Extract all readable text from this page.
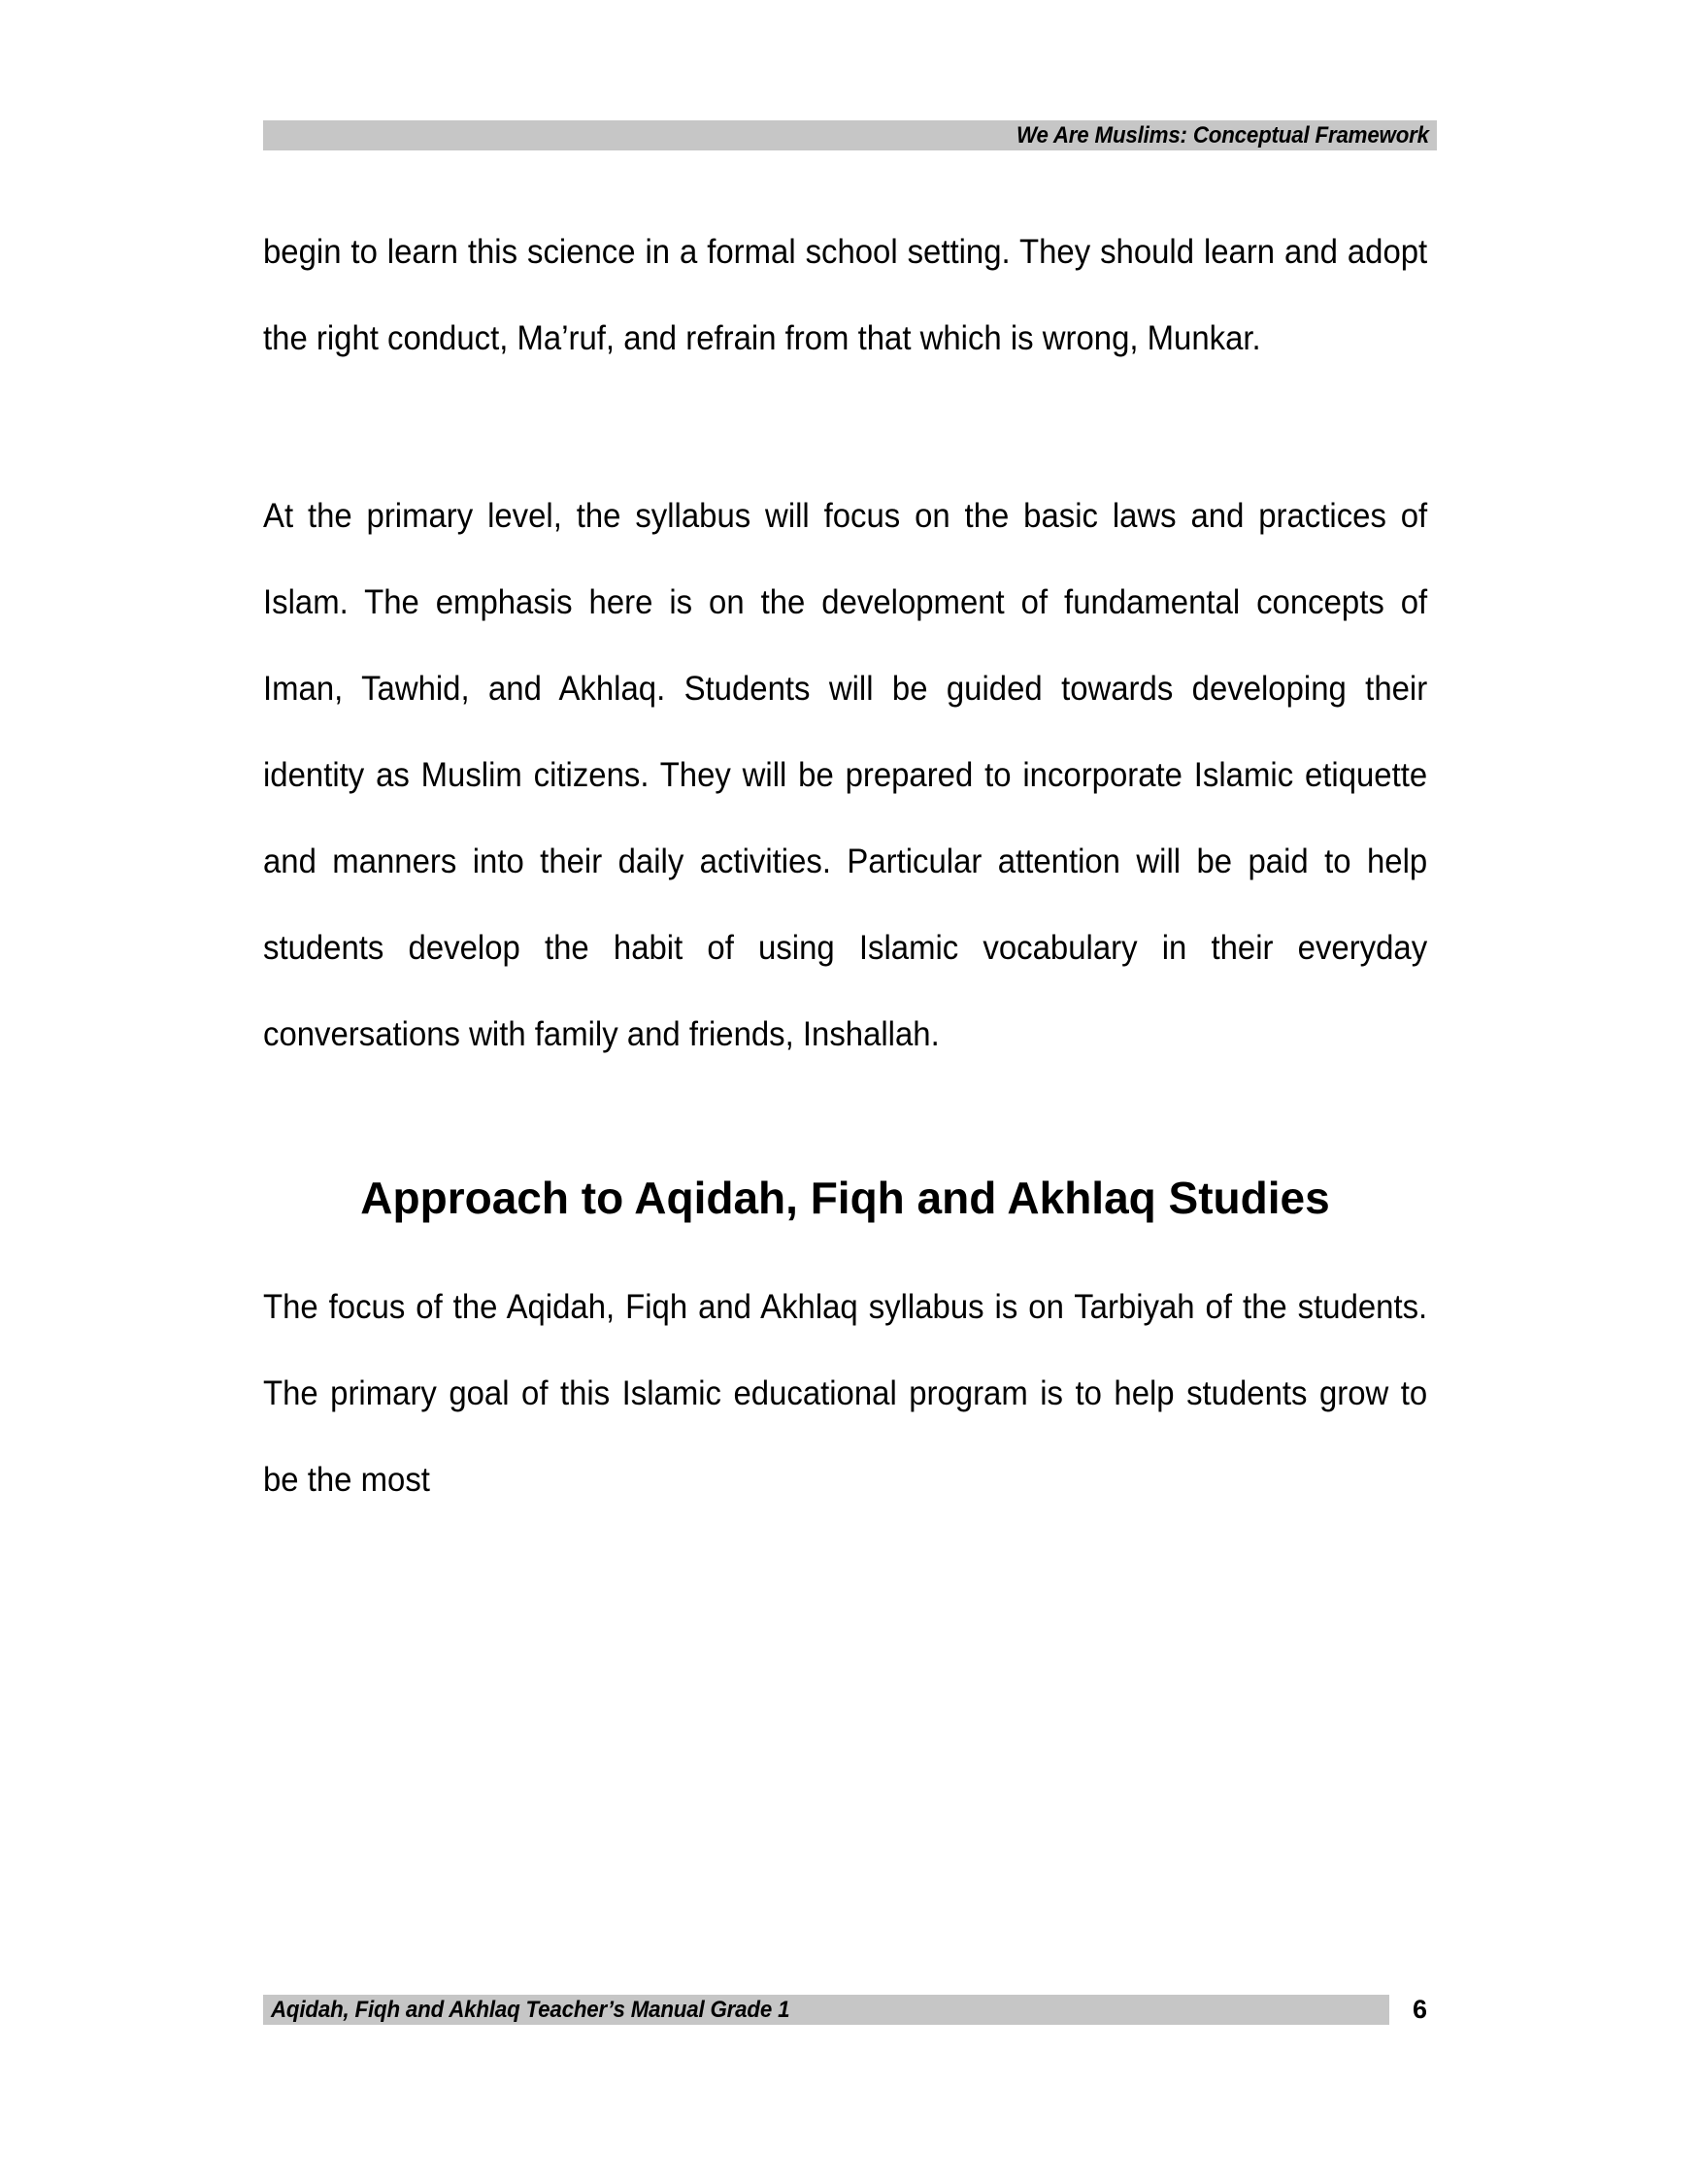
We Are Muslims: Conceptual Framework

begin to learn this science in a formal school setting. They should learn and adopt the right conduct, Ma’ruf, and refrain from that which is wrong, Munkar.

At the primary level, the syllabus will focus on the basic laws and practices of Islam. The emphasis here is on the development of fundamental concepts of Iman, Tawhid, and Akhlaq. Students will be guided towards developing their identity as Muslim citizens. They will be prepared to incorporate Islamic etiquette and manners into their daily activities. Particular attention will be paid to help students develop the habit of using Islamic vocabulary in their everyday conversations with family and friends, Inshallah.

Approach to Aqidah, Fiqh and Akhlaq Studies

The focus of the Aqidah, Fiqh and Akhlaq syllabus is on Tarbiyah of the students. The primary goal of this Islamic educational program is to help students grow to be the most

Aqidah, Fiqh and Akhlaq Teacher’s Manual Grade 1	6
